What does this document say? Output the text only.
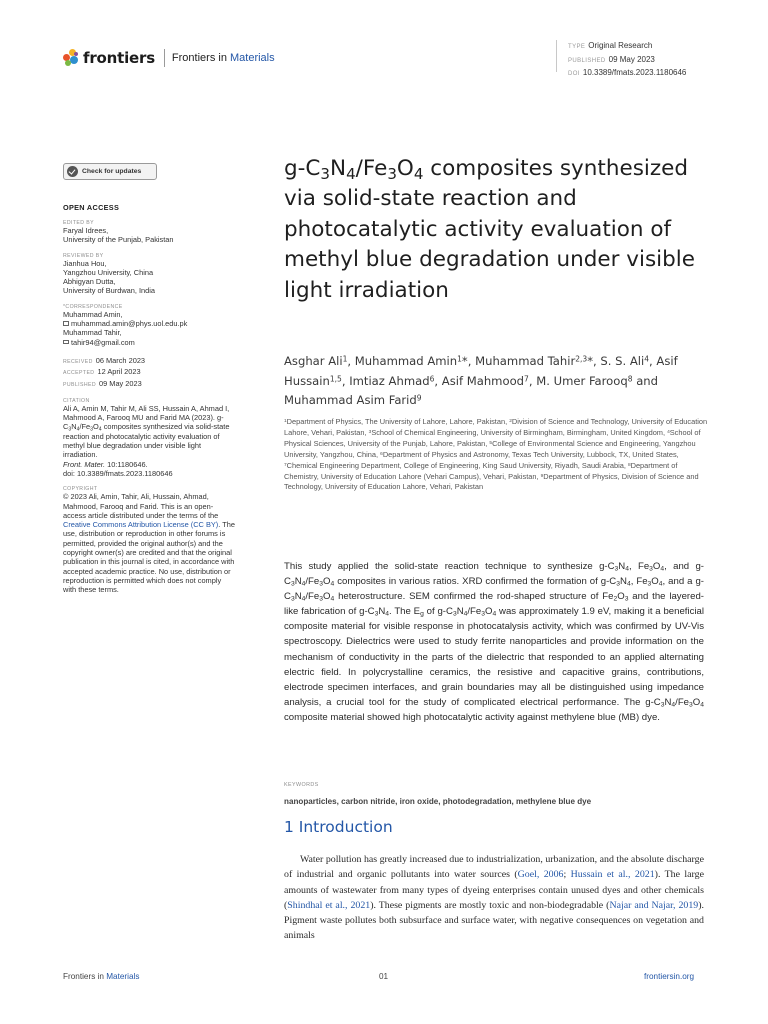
frontiers Frontiers in Materials
TYPE Original Research
PUBLISHED 09 May 2023
DOI 10.3389/fmats.2023.1180646
Check for updates
OPEN ACCESS
EDITED BY
Faryal Idrees,
University of the Punjab, Pakistan
REVIEWED BY
Jianhua Hou,
Yangzhou University, China
Abhigyan Dutta,
University of Burdwan, India
*CORRESPONDENCE
Muhammad Amin,
muhammad.amin@phys.uol.edu.pk
Muhammad Tahir,
tahir94@gmail.com
RECEIVED 06 March 2023
ACCEPTED 12 April 2023
PUBLISHED 09 May 2023
CITATION
Ali A, Amin M, Tahir M, Ali SS, Hussain A, Ahmad I, Mahmood A, Farooq MU and Farid MA (2023). $g-C_3N_4/Fe_3O_4$ composites synthesized via solid-state reaction and photocatalytic activity evaluation of methyl blue degradation under visible light irradiation.
Front. Mater. 10:1180646.
doi: 10.3389/fmats.2023.1180646
COPYRIGHT
© 2023 Ali, Amin, Tahir, Ali, Hussain, Ahmad, Mahmood, Farooq and Farid. This is an open-access article distributed under the terms of the Creative Commons Attribution License (CC BY). The use, distribution or reproduction in other forums is permitted, provided the original author(s) and the copyright owner(s) are credited and that the original publication in this journal is cited, in accordance with accepted academic practice. No use, distribution or reproduction is permitted which does not comply with these terms.
$g-C_3N_4/Fe_3O_4$ composites synthesized via solid-state reaction and photocatalytic activity evaluation of methyl blue degradation under visible light irradiation
Asghar Ali$^1$, Muhammad Amin$^1$*, Muhammad Tahir$^{2,3}$*, S. S. Ali$^4$, Asif Hussain$^{1,5}$, Imtiaz Ahmad$^6$, Asif Mahmood$^7$, M. Umer Farooq$^8$ and Muhammad Asim Farid$^9$
$^1$Department of Physics, The University of Lahore, Lahore, Pakistan, $^2$Division of Science and Technology, University of Education Lahore, Vehari, Pakistan, $^3$School of Chemical Engineering, University of Birmingham, Birmingham, United Kingdom, $^4$School of Physical Sciences, University of the Punjab, Lahore, Pakistan, $^5$College of Environmental Science and Engineering, Yangzhou University, Yangzhou, China, $^6$Department of Physics and Astronomy, Texas Tech University, Lubbock, TX, United States, $^7$Chemical Engineering Department, College of Engineering, King Saud University, Riyadh, Saudi Arabia, $^8$Department of Chemistry, University of Education Lahore (Vehari Campus), Vehari, Pakistan, $^9$Department of Physics, Division of Science and Technology, University of Education Lahore, Vehari, Pakistan
This study applied the solid-state reaction technique to synthesize $g-C_3N_4$, $Fe_3O_4$, and $g-C_3N_4/Fe_3O_4$ composites in various ratios. XRD confirmed the formation of $g-C_3N_4$, $Fe_3O_4$, and a $g-C_3N_4/Fe_3O_4$ heterostructure. SEM confirmed the rod-shaped structure of $Fe_2O_3$ and the layered-like fabrication of $g-C_3N_4$. The $E_g$ of $g-C_3N_4/Fe_3O_4$ was approximately 1.9 eV, making it a beneficial composite material for visible response in photocatalysis activity, which was confirmed by UV-Vis spectroscopy. Dielectrics were used to study ferrite nanoparticles and provide information on the mechanism of conductivity in the parts of the dielectric that responded to an applied alternating electric field. In polycrystalline ceramics, the resistive and capacitive grains, contributions, electrode specimen interfaces, and grain boundaries may all be distinguished using impedance analysis, a crucial tool for the study of complicated electrical performance. The $g-C_3N_4/Fe_3O_4$ composite material showed high photocatalytic activity against methylene blue (MB) dye.
KEYWORDS
nanoparticles, carbon nitride, iron oxide, photodegradation, methylene blue dye
1 Introduction
Water pollution has greatly increased due to industrialization, urbanization, and the absolute discharge of industrial and organic pollutants into water sources (Goel, 2006; Hussain et al., 2021). The large amounts of wastewater from many types of dyeing enterprises contain unused dyes and other chemicals (Shindhal et al., 2021). These pigments are mostly toxic and non-biodegradable (Najar and Najar, 2019). Pigment waste pollutes both subsurface and surface water, with negative consequences on vegetation and animals
Frontiers in Materials	01	frontiersin.org
